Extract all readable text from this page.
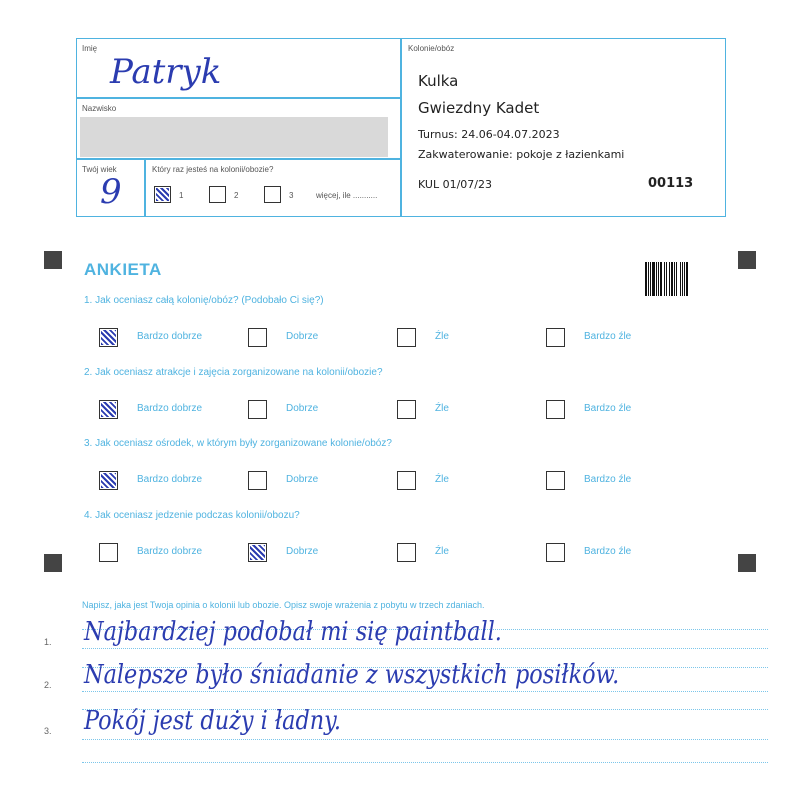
Imię
Patryk
Nazwisko
Twój wiek
9
Który raz jesteś na kolonii/obozie?
1	2	3	więcej, ile ...........
Kolonie/obóz
Kulka
Gwiezdny Kadet
Turnus: 24.06-04.07.2023
Zakwaterowanie: pokoje z łazienkami
KUL 01/07/23	00113
ANKIETA
1. Jak oceniasz całą kolonię/obóz? (Podobało Ci się?)
Bardzo dobrze	Dobrze	Źle	Bardzo źle
2. Jak oceniasz atrakcje i zajęcia zorganizowane na kolonii/obozie?
Bardzo dobrze	Dobrze	Źle	Bardzo źle
3. Jak oceniasz ośrodek, w którym były zorganizowane kolonie/obóz?
Bardzo dobrze	Dobrze	Źle	Bardzo źle
4. Jak oceniasz jedzenie podczas kolonii/obozu?
Bardzo dobrze	Dobrze	Źle	Bardzo źle
Napisz, jaka jest Twoja opinia o kolonii lub obozie. Opisz swoje wrażenia z pobytu w trzech zdaniach.
1. Najbardziej podobał mi się paintball.
2. Nalepsze było śniadanie z wszystkich posiłków.
3. Pokój jest duży i ładny.
